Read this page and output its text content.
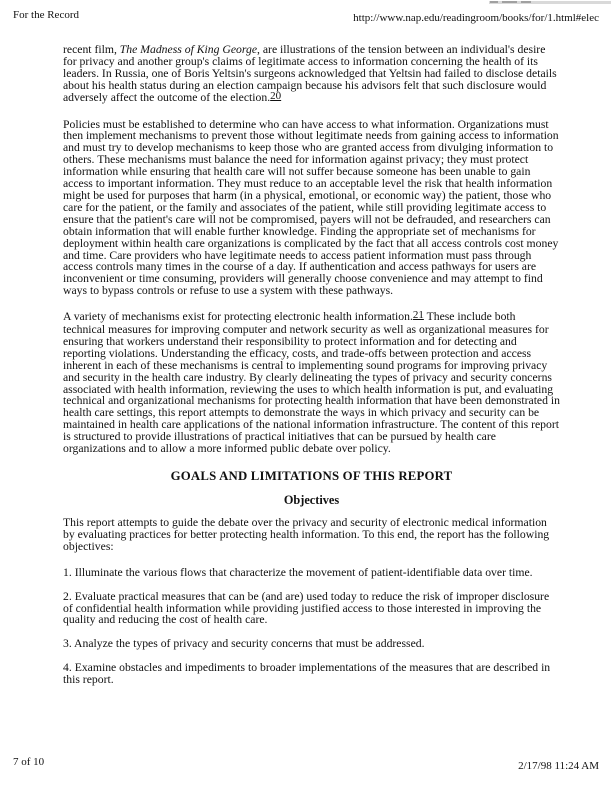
For the Record	http://www.nap.edu/readingroom/books/for/1.html#elec

recent film, The Madness of King George, are illustrations of the tension between an individual's desire for privacy and another group's claims of legitimate access to information concerning the health of its leaders. In Russia, one of Boris Yeltsin's surgeons acknowledged that Yeltsin had failed to disclose details about his health status during an election campaign because his advisors felt that such disclosure would adversely affect the outcome of the election.20

Policies must be established to determine who can have access to what information. Organizations must then implement mechanisms to prevent those without legitimate needs from gaining access to information and must try to develop mechanisms to keep those who are granted access from divulging information to others. These mechanisms must balance the need for information against privacy; they must protect information while ensuring that health care will not suffer because someone has been unable to gain access to important information. They must reduce to an acceptable level the risk that health information might be used for purposes that harm (in a physical, emotional, or economic way) the patient, those who care for the patient, or the family and associates of the patient, while still providing legitimate access to ensure that the patient's care will not be compromised, payers will not be defrauded, and researchers can obtain information that will enable further knowledge. Finding the appropriate set of mechanisms for deployment within health care organizations is complicated by the fact that all access controls cost money and time. Care providers who have legitimate needs to access patient information must pass through access controls many times in the course of a day. If authentication and access pathways for users are inconvenient or time consuming, providers will generally choose convenience and may attempt to find ways to bypass controls or refuse to use a system with these pathways.

A variety of mechanisms exist for protecting electronic health information.21 These include both technical measures for improving computer and network security as well as organizational measures for ensuring that workers understand their responsibility to protect information and for detecting and reporting violations. Understanding the efficacy, costs, and trade-offs between protection and access inherent in each of these mechanisms is central to implementing sound programs for improving privacy and security in the health care industry. By clearly delineating the types of privacy and security concerns associated with health information, reviewing the uses to which health information is put, and evaluating technical and organizational mechanisms for protecting health information that have been demonstrated in health care settings, this report attempts to demonstrate the ways in which privacy and security can be maintained in health care applications of the national information infrastructure. The content of this report is structured to provide illustrations of practical initiatives that can be pursued by health care organizations and to allow a more informed public debate over policy.

GOALS AND LIMITATIONS OF THIS REPORT
Objectives

This report attempts to guide the debate over the privacy and security of electronic medical information by evaluating practices for better protecting health information. To this end, the report has the following objectives:

1. Illuminate the various flows that characterize the movement of patient-identifiable data over time.
2. Evaluate practical measures that can be (and are) used today to reduce the risk of improper disclosure of confidential health information while providing justified access to those interested in improving the quality and reducing the cost of health care.
3. Analyze the types of privacy and security concerns that must be addressed.
4. Examine obstacles and impediments to broader implementations of the measures that are described in this report.
7 of 10	2/17/98 11:24 AM
